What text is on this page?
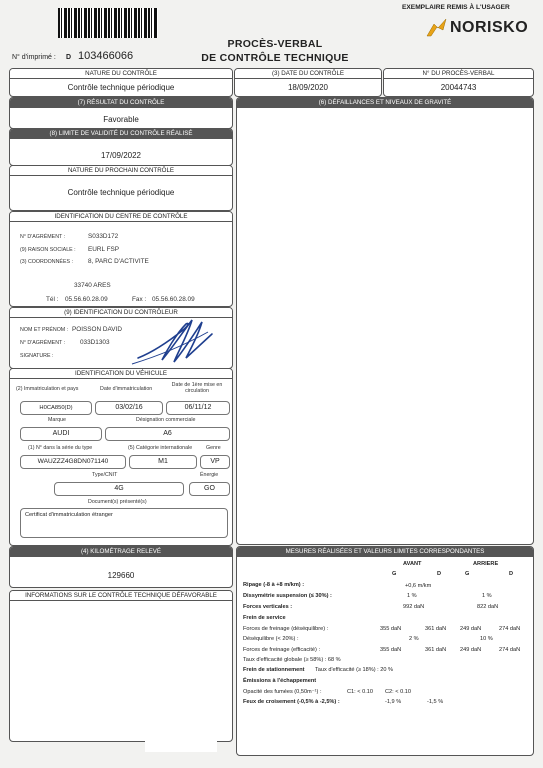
EXEMPLAIRE REMIS À L'USAGER
NORISKO
PROCÈS-VERBAL
DE CONTRÔLE TECHNIQUE
N° d'imprimé : D 103466066
NATURE DU CONTRÔLE
Contrôle technique périodique
(3) DATE DU CONTRÔLE
18/09/2020
N° DU PROCÈS-VERBAL
20044743
(7) RÉSULTAT DU CONTRÔLE
Favorable
(8) LIMITE DE VALIDITÉ DU CONTRÔLE RÉALISÉ
17/09/2022
NATURE DU PROCHAIN CONTRÔLE
Contrôle technique périodique
IDENTIFICATION DU CENTRE DE CONTRÔLE
N° D'AGRÉMENT :	S033D172
(9) RAISON SOCIALE : EURL FSP
(3) COORDONNÉES : 8, PARC D'ACTIVITE
33740 ARES
Tél : 05.56.60.28.09	Fax : 05.56.60.28.09
(9) IDENTIFICATION DU CONTRÔLEUR
NOM ET PRÉNOM : POISSON DAVID
N° D'AGRÉMENT : 033D1303
SIGNATURE :
IDENTIFICATION DU VÉHICULE
(2) Immatriculation et pays	Date d'immatriculation
Date de 1ère mise en circulation
H0CA850(D)	03/02/16	06/11/12
Marque	Désignation commerciale
AUDI	A6
(1) N° dans la série du type	(5) Catégorie internationale	Genre
WAUZZZ4G8DN071140	M1	VP
Type/CNIT	Énergie
4G	GO
Document(s) présenté(s)
Certificat d'immatriculation étranger
(4) KILOMÉTRAGE RELEVÉ
129660
INFORMATIONS SUR LE CONTRÔLE TECHNIQUE DÉFAVORABLE
(6) DÉFAILLANCES ET NIVEAUX DE GRAVITÉ
MESURES RÉALISÉES ET VALEURS LIMITES CORRESPONDANTES
AVANT	ARRIERE
G	D	G	D
Ripage (-8 à +8 m/km) :	+0,6 m/km
Dissymétrie suspension (≤ 30%) :	1 %	1 %
Forces verticales :	992 daN	822 daN
Frein de service
Forces de freinage (déséquilibre) :	355 daN	361 daN 249 daN	274 daN
Déséquilibre (< 20%) :	2 %	10 %
Forces de freinage (efficacité) :	355 daN	361 daN 249 daN	274 daN
Taux d'efficacité globale (≥ 58%) : 68 %
Frein de stationnement Taux d'efficacité (≥ 18%) : 20 %
Émissions à l'échappement
Opacité des fumées (0,50m⁻¹) :	C1: < 0.10 C2: < 0.10
Feux de croisement (-0,5% à -2,5%) :	-1,9 %	-1,5 %
